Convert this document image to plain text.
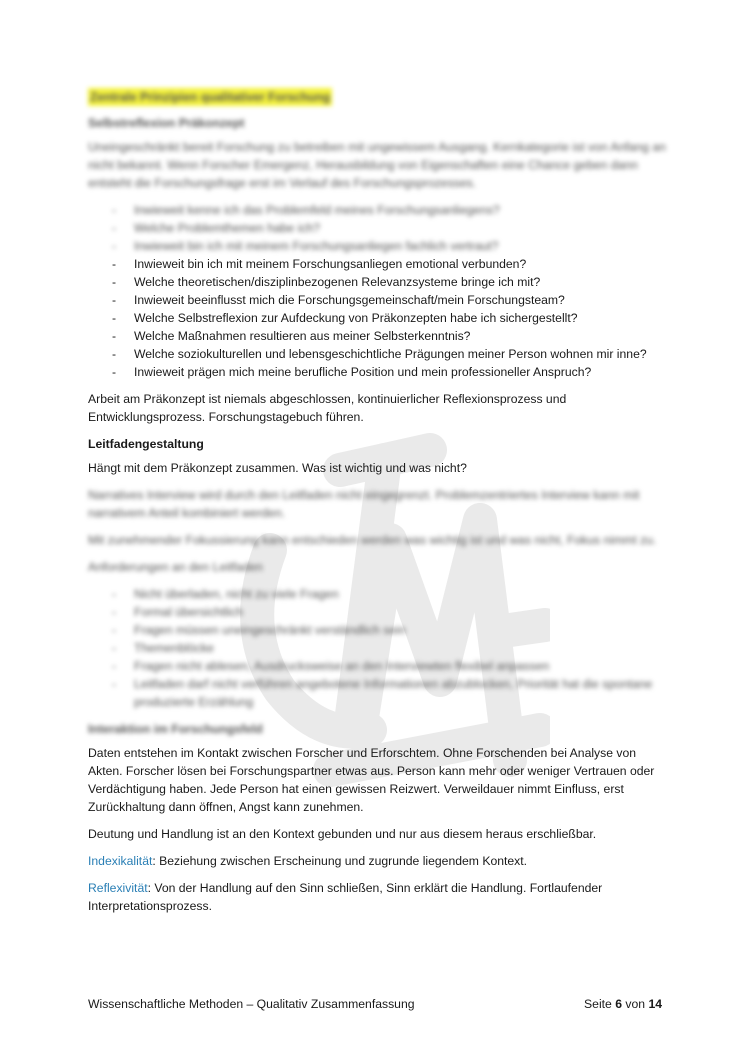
Zentrale Prinzipien qualitativer Forschung
Selbstreflexion Präkonzept

Uneingeschränkt bereit Forschung zu betreiben mit ungewissem Ausgang. Kernkategorie ist von Anfang an nicht bekannt. Wenn Forscher Emergenz, Herausbildung von Eigenschaften eine Chance geben dann entsteht die Forschungsfrage erst im Verlauf des Forschungsprozesses.

- Inwieweit kenne ich das Problemfeld meines Forschungsanliegens?
- Welche Problemthemen habe ich?
- Inwieweit bin ich mit meinem Forschungsanliegen fachlich vertraut?
- Inwieweit bin ich mit meinem Forschungsanliegen emotional verbunden?
- Welche theoretischen/disziplinbezogenen Relevanzsysteme bringe ich mit?
- Inwieweit beeinflusst mich die Forschungsgemeinschaft/mein Forschungsteam?
- Welche Selbstreflexion zur Aufdeckung von Präkonzepten habe ich sichergestellt?
- Welche Maßnahmen resultieren aus meiner Selbsterkenntnis?
- Welche soziokulturellen und lebensgeschichtliche Prägungen meiner Person wohnen mir inne?
- Inwieweit prägen mich meine berufliche Position und mein professioneller Anspruch?

Arbeit am Präkonzept ist niemals abgeschlossen, kontinuierlicher Reflexionsprozess und Entwicklungsprozess. Forschungstagebuch führen.

Leitfadengestaltung

Hängt mit dem Präkonzept zusammen. Was ist wichtig und was nicht?

Narratives Interview wird durch den Leitfaden nicht eingegrenzt. Problemzentriertes Interview kann mit narrativem Anteil kombiniert werden.

Mit zunehmender Fokussierung kann entschieden werden was wichtig ist und was nicht, Fokus nimmt zu.

Anforderungen an den Leitfaden

- Nicht überladen, nicht zu viele Fragen
- Formal übersichtlich
- Fragen müssen uneingeschränkt verständlich sein
- Themenblöcke
- Fragen nicht ablesen, Ausdrucksweise an den Interviewten flexibel anpassen
- Leitfaden darf nicht verführen angebotene Informationen abzublocken, Priorität hat die spontane produzierte Erzählung
Interaktion im Forschungsfeld

Daten entstehen im Kontakt zwischen Forscher und Erforschtem. Ohne Forschenden bei Analyse von Akten. Forscher lösen bei Forschungspartner etwas aus. Person kann mehr oder weniger Vertrauen oder Verdächtigung haben. Jede Person hat einen gewissen Reizwert. Verweildauer nimmt Einfluss, erst Zurückhaltung dann öffnen, Angst kann zunehmen.

Deutung und Handlung ist an den Kontext gebunden und nur aus diesem heraus erschließbar.

Indexikalität: Beziehung zwischen Erscheinung und zugrunde liegendem Kontext.

Reflexivität: Von der Handlung auf den Sinn schließen, Sinn erklärt die Handlung. Fortlaufender Interpretationsprozess.

Wissenschaftliche Methoden – Qualitativ Zusammenfassung	Seite 6 von 14
